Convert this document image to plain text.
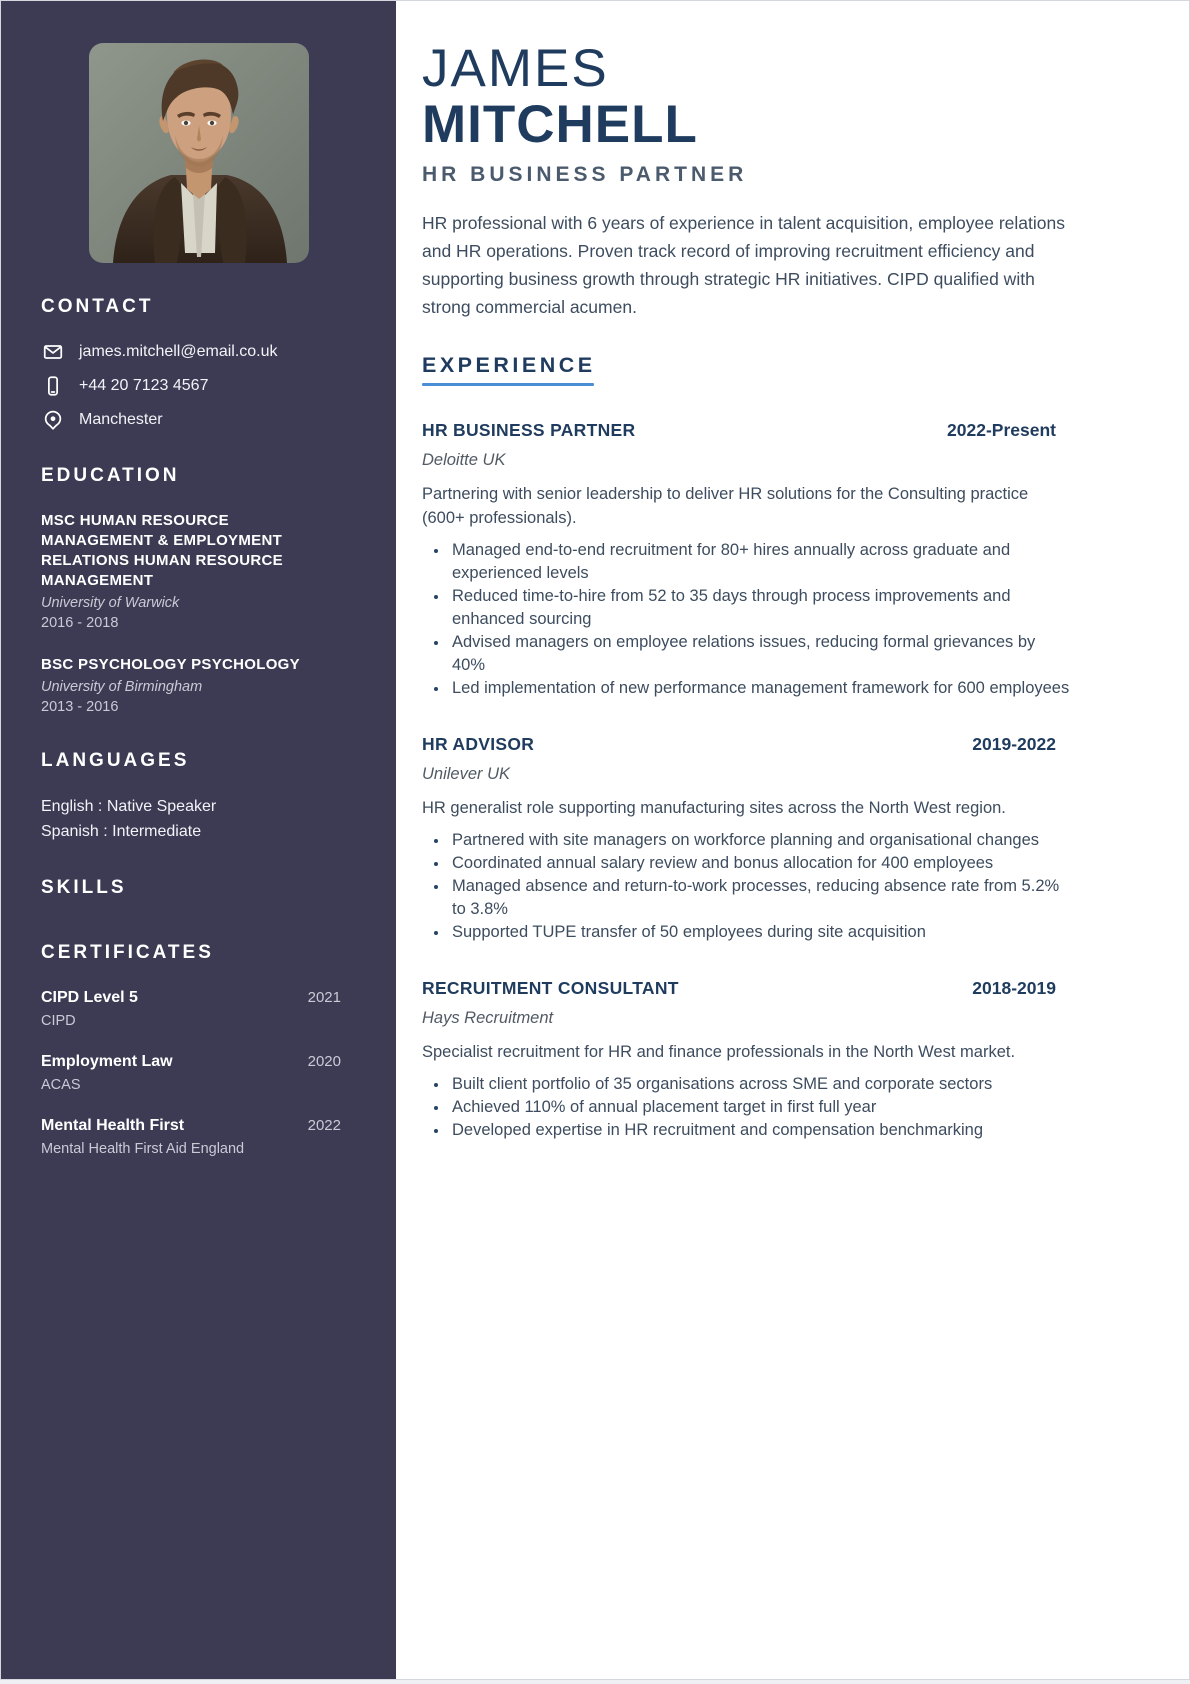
CONTACT
james.mitchell@email.co.uk
+44 20 7123 4567
Manchester
EDUCATION
MSC HUMAN RESOURCE MANAGEMENT & EMPLOYMENT RELATIONS HUMAN RESOURCE MANAGEMENT
University of Warwick
2016 - 2018
BSC PSYCHOLOGY PSYCHOLOGY
University of Birmingham
2013 - 2016
LANGUAGES
English : Native Speaker
Spanish : Intermediate
SKILLS
CERTIFICATES
CIPD Level 5	2021
CIPD
Employment Law	2020
ACAS
Mental Health First	2022
Mental Health First Aid England
JAMES
MITCHELL
HR BUSINESS PARTNER

HR professional with 6 years of experience in talent acquisition, employee relations and HR operations. Proven track record of improving recruitment efficiency and supporting business growth through strategic HR initiatives. CIPD qualified with strong commercial acumen.

EXPERIENCE
HR BUSINESS PARTNER	2022-Present
Deloitte UK

Partnering with senior leadership to deliver HR solutions for the Consulting practice (600+ professionals).

• Managed end-to-end recruitment for 80+ hires annually across graduate and experienced levels
• Reduced time-to-hire from 52 to 35 days through process improvements and enhanced sourcing
• Advised managers on employee relations issues, reducing formal grievances by 40%
• Led implementation of new performance management framework for 600 employees
HR ADVISOR	2019-2022
Unilever UK

HR generalist role supporting manufacturing sites across the North West region.

• Partnered with site managers on workforce planning and organisational changes
• Coordinated annual salary review and bonus allocation for 400 employees
• Managed absence and return-to-work processes, reducing absence rate from 5.2% to 3.8%
• Supported TUPE transfer of 50 employees during site acquisition
RECRUITMENT CONSULTANT	2018-2019
Hays Recruitment

Specialist recruitment for HR and finance professionals in the North West market.

• Built client portfolio of 35 organisations across SME and corporate sectors
• Achieved 110% of annual placement target in first full year
• Developed expertise in HR recruitment and compensation benchmarking
